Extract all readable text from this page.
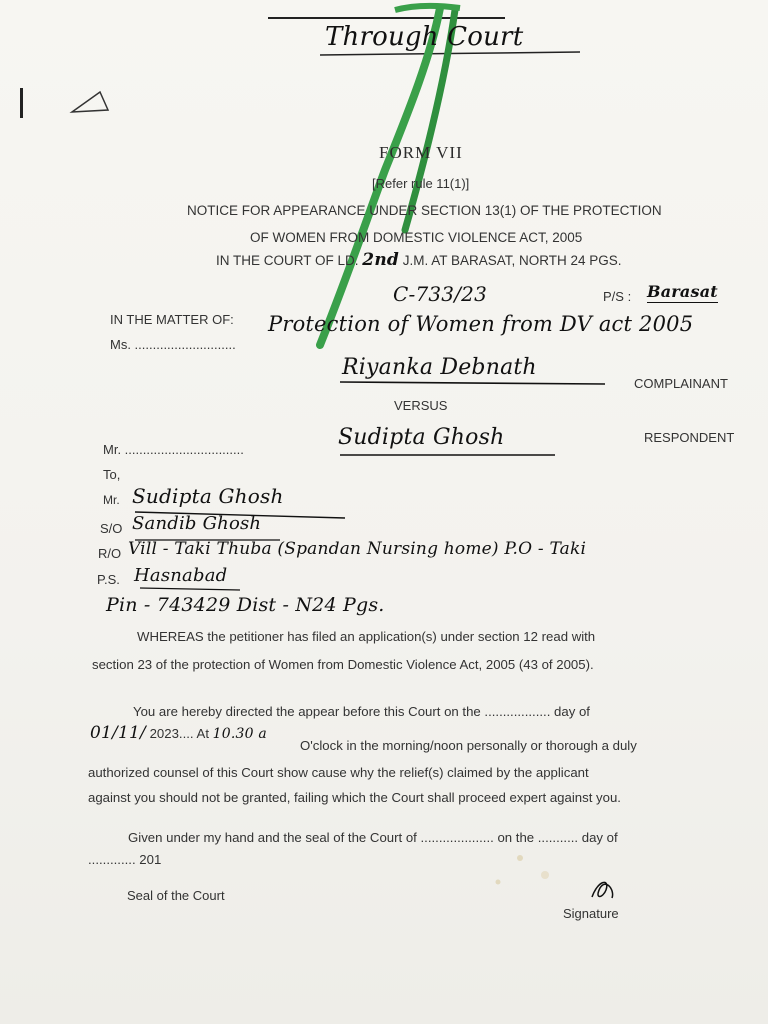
Through Court
FORM VII
[Refer rule 11(1)]
NOTICE FOR APPEARANCE UNDER SECTION 13(1) OF THE PROTECTION
OF WOMEN FROM DOMESTIC VIOLENCE ACT, 2005
IN THE COURT OF LD. 2nd J.M. AT BARASAT, NORTH 24 PGS.
C-733/23	P/S : Barasat
IN THE MATTER OF: Protection of Women from DV act 2005
Ms. ............................
Riyanka Debnath
COMPLAINANT
VERSUS
Mr. .................................	Sudipta Ghosh	RESPONDENT
To,
Mr. Sudipta Ghosh
S/O Sandib Ghosh
R/O Vill - Taki Thuba (Spandan Nursing home) P.O - Taki
P.S. Hasnabad
Pin - 743429 Dist - N24 Pgs.
WHEREAS the petitioner has filed an application(s) under section 12 read with
section 23 of the protection of Women from Domestic Violence Act, 2005 (43 of 2005).
You are hereby directed the appear before this Court on the .................. day of
01/11/ 2023.... At 10.30 a
O'clock in the morning/noon personally or thorough a duly
authorized counsel of this Court show cause why the relief(s) claimed by the applicant
against you should not be granted, failing which the Court shall proceed expert against you.
Given under my hand and the seal of the Court of .................... on the ........... day of
............. 201
Seal of the Court
Signature
